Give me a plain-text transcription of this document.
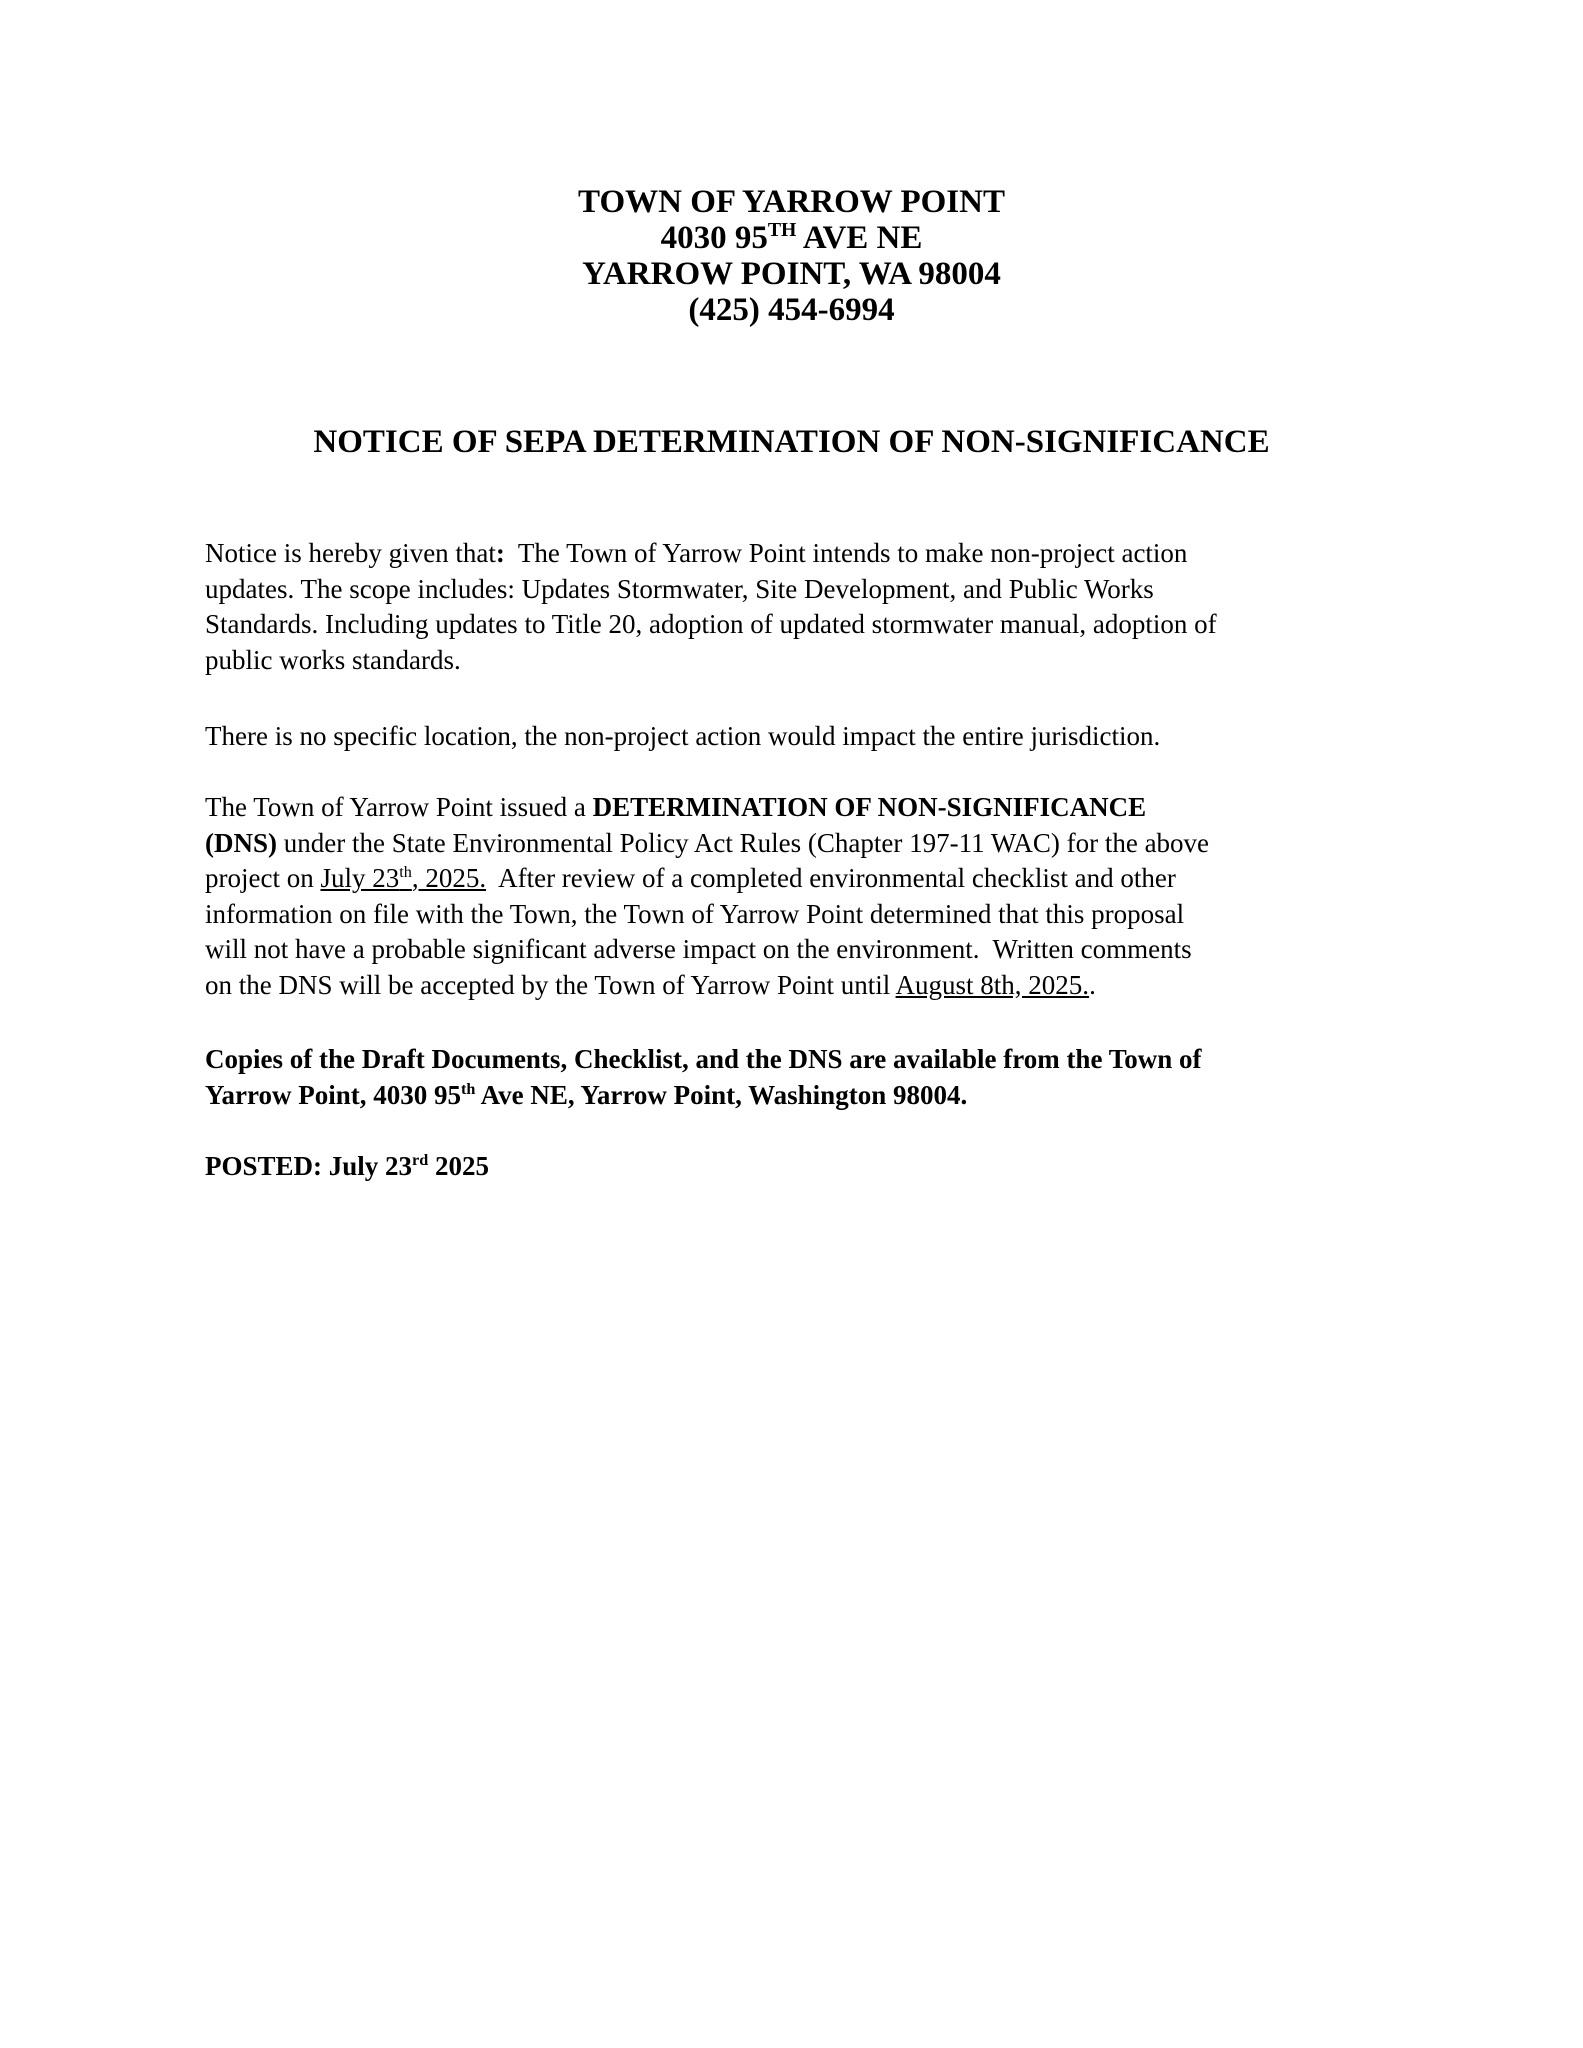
TOWN OF YARROW POINT
4030 95TH AVE NE
YARROW POINT, WA 98004
(425) 454-6994
NOTICE OF SEPA DETERMINATION OF NON-SIGNIFICANCE
Notice is hereby given that:  The Town of Yarrow Point intends to make non-project action
updates. The scope includes: Updates Stormwater, Site Development, and Public Works
Standards. Including updates to Title 20, adoption of updated stormwater manual, adoption of
public works standards.
There is no specific location, the non-project action would impact the entire jurisdiction.
The Town of Yarrow Point issued a DETERMINATION OF NON-SIGNIFICANCE
(DNS) under the State Environmental Policy Act Rules (Chapter 197-11 WAC) for the above
project on July 23th, 2025.  After review of a completed environmental checklist and other
information on file with the Town, the Town of Yarrow Point determined that this proposal
will not have a probable significant adverse impact on the environment.  Written comments
on the DNS will be accepted by the Town of Yarrow Point until August 8th, 2025..
Copies of the Draft Documents, Checklist, and the DNS are available from the Town of
Yarrow Point, 4030 95th Ave NE, Yarrow Point, Washington 98004.
POSTED: July 23rd 2025
